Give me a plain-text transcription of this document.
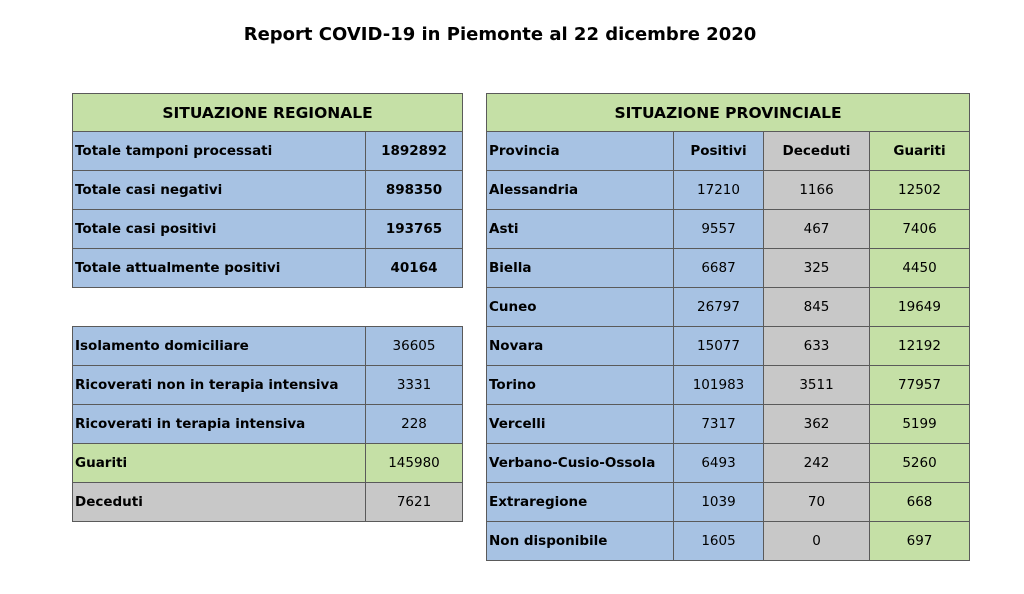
Report COVID-19 in Piemonte al 22 dicembre 2020
SITUAZIONE REGIONALE	
Totale tamponi processati	1892892
Totale casi negativi	898350
Totale casi positivi	193765
Totale attualmente positivi	40164
Isolamento domiciliare	36605
Ricoverati non in terapia intensiva	3331
Ricoverati in terapia intensiva	228
Guariti	145980
Deceduti	7621
SITUAZIONE PROVINCIALE			
Provincia	Positivi	Deceduti	Guariti
Alessandria	17210	1166	12502
Asti	9557	467	7406
Biella	6687	325	4450
Cuneo	26797	845	19649
Novara	15077	633	12192
Torino	101983	3511	77957
Vercelli	7317	362	5199
Verbano-Cusio-Ossola	6493	242	5260
Extraregione	1039	70	668
Non disponibile	1605	0	697
